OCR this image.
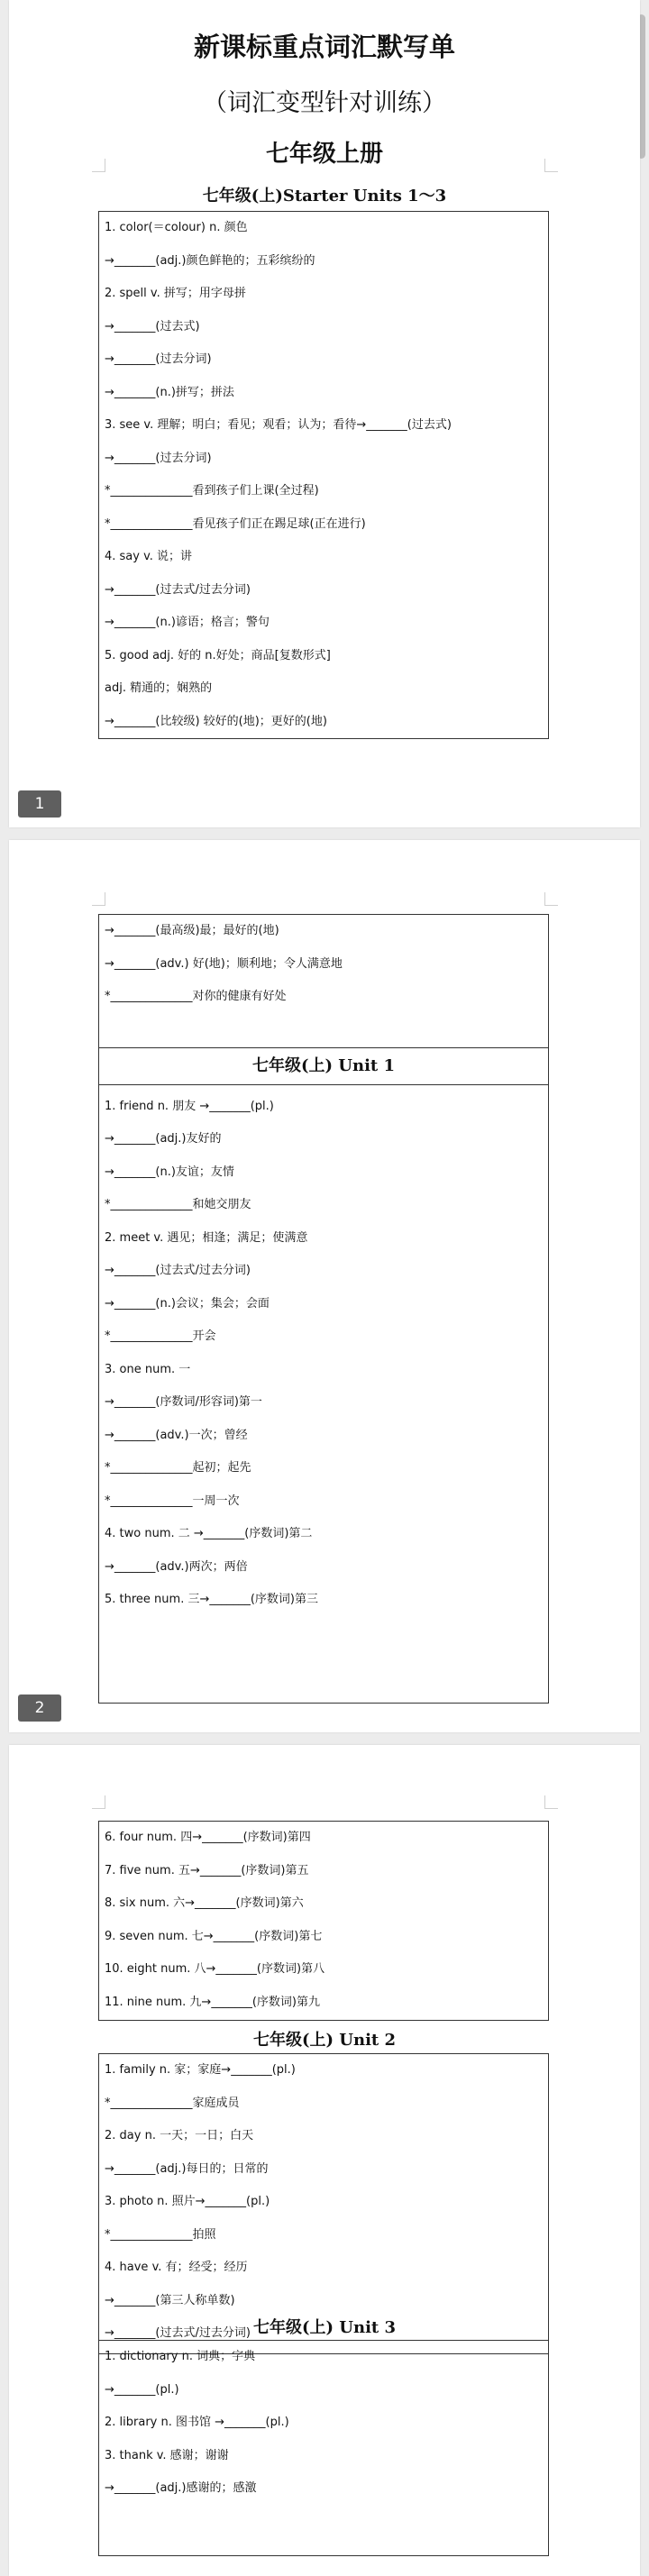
新课标重点词汇默写单
（词汇变型针对训练）
七年级上册
七年级(上)Starter Units 1～3
1. color(＝colour) n. 颜色
→_______(adj.)颜色鲜艳的；五彩缤纷的
2. spell v. 拼写；用字母拼
→_______(过去式)
→_______(过去分词)
→_______(n.)拼写；拼法
3. see v. 理解；明白；看见；观看；认为；看待→_______(过去式)
→_______(过去分词)
*______________看到孩子们上课(全过程)
*______________看见孩子们正在踢足球(正在进行)
4. say v. 说；讲
→_______(过去式/过去分词)
→_______(n.)谚语；格言；警句
5. good adj. 好的 n.好处；商品[复数形式]
adj. 精通的；娴熟的
→_______(比较级) 较好的(地)；更好的(地)
1
→_______(最高级)最；最好的(地)
→_______(adv.) 好(地)；顺利地；令人满意地
*______________对你的健康有好处
七年级(上) Unit 1
1. friend n. 朋友 →_______(pl.)
→_______(adj.)友好的
→_______(n.)友谊；友情
*______________和她交朋友
2. meet v. 遇见；相逢；满足；使满意
→_______(过去式/过去分词)
→_______(n.)会议；集会；会面
*______________开会
3. one num. 一
→_______(序数词/形容词)第一
→_______(adv.)一次；曾经
*______________起初；起先
*______________一周一次
4. two num. 二 →_______(序数词)第二
→_______(adv.)两次；两倍
5. three num. 三→_______(序数词)第三
2
6. four num. 四→_______(序数词)第四
7. five num. 五→_______(序数词)第五
8. six num. 六→_______(序数词)第六
9. seven num. 七→_______(序数词)第七
10. eight num. 八→_______(序数词)第八
11. nine num. 九→_______(序数词)第九
七年级(上) Unit 2
1. family n. 家；家庭→_______(pl.)
*______________家庭成员
2. day n. 一天；一日；白天
→_______(adj.)每日的；日常的
3. photo n. 照片→_______(pl.)
*______________拍照
4. have v. 有；经受；经历
→_______(第三人称单数)
→_______(过去式/过去分词) 七年级(上) Unit 3
1. dictionary n. 词典；字典
→_______(pl.)
2. library n. 图书馆 →_______(pl.)
3. thank v. 感谢；谢谢
→_______(adj.)感谢的；感激
